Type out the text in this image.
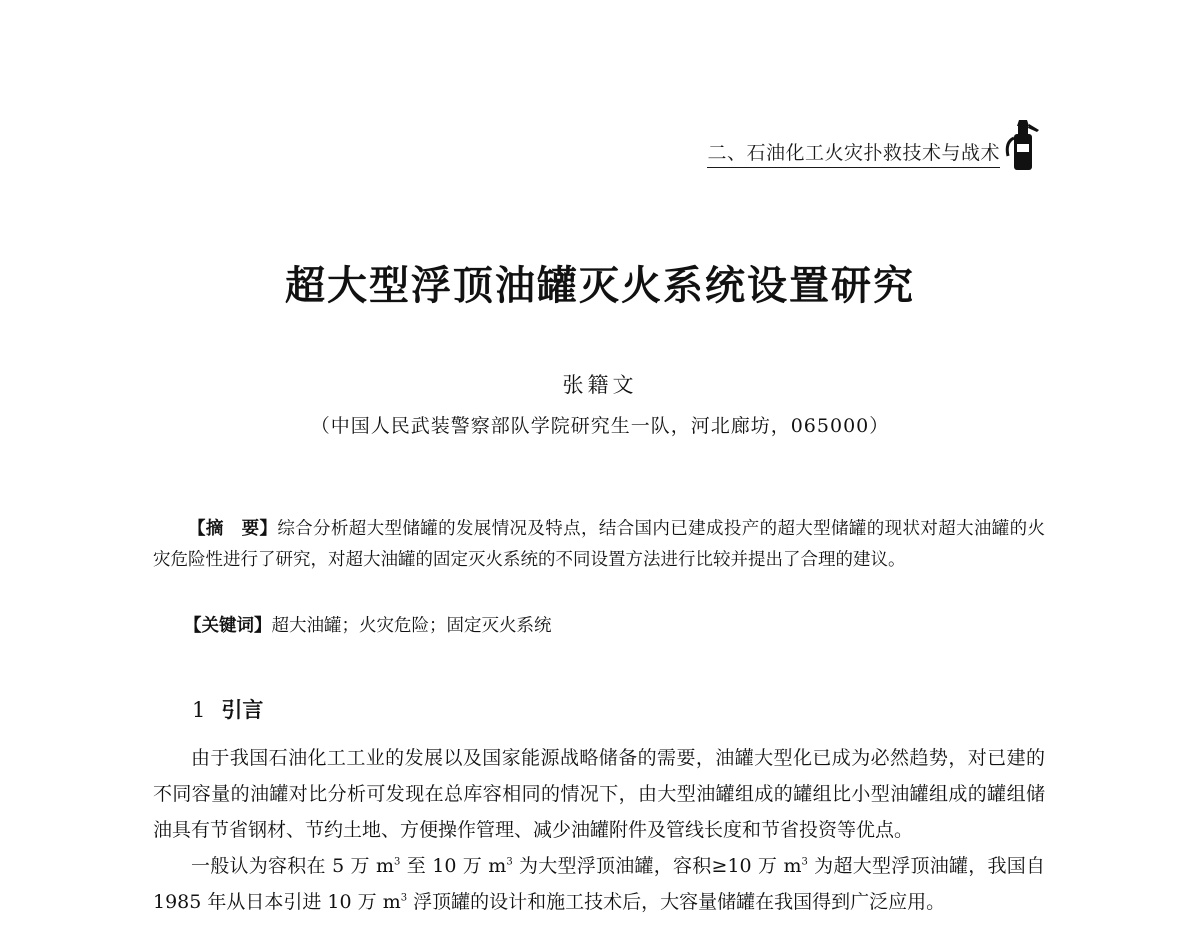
二、石油化工火灾扑救技术与战术
超大型浮顶油罐灭火系统设置研究
张籍文
（中国人民武装警察部队学院研究生一队，河北廊坊，065000）

【摘　要】综合分析超大型储罐的发展情况及特点，结合国内已建成投产的超大型储罐的现状对超大油罐的火灾危险性进行了研究，对超大油罐的固定灭火系统的不同设置方法进行比较并提出了合理的建议。

【关键词】超大油罐；火灾危险；固定灭火系统
1 引言

由于我国石油化工工业的发展以及国家能源战略储备的需要，油罐大型化已成为必然趋势，对已建的不同容量的油罐对比分析可发现在总库容相同的情况下，由大型油罐组成的罐组比小型油罐组成的罐组储油具有节省钢材、节约土地、方便操作管理、减少油罐附件及管线长度和节省投资等优点。

一般认为容积在 5 万 $m^3$ 至 10 万 $m^3$ 为大型浮顶油罐，容积≥10 万 $m^3$ 为超大型浮顶油罐，我国自 1985 年从日本引进 10 万 $m^3$ 浮顶罐的设计和施工技术后，大容量储罐在我国得到广泛应用。
